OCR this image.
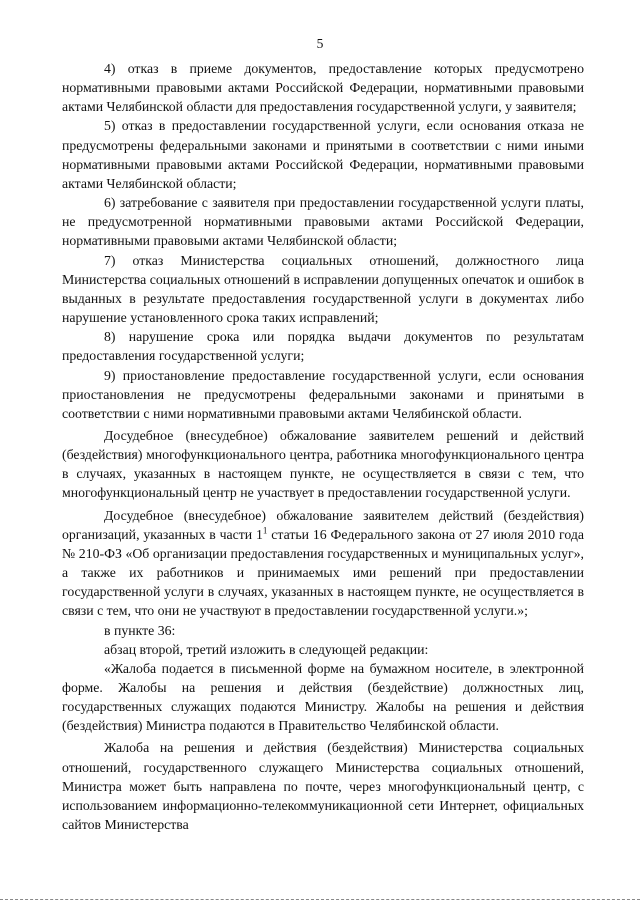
5

4) отказ в приеме документов, предоставление которых предусмотрено нормативными правовыми актами Российской Федерации, нормативными правовыми актами Челябинской области для предоставления государственной услуги, у заявителя;

5) отказ в предоставлении государственной услуги, если основания отказа не предусмотрены федеральными законами и принятыми в соответствии с ними иными нормативными правовыми актами Российской Федерации, нормативными правовыми актами Челябинской области;

6) затребование с заявителя при предоставлении государственной услуги платы, не предусмотренной нормативными правовыми актами Российской Федерации, нормативными правовыми актами Челябинской области;

7) отказ Министерства социальных отношений, должностного лица Министерства социальных отношений в исправлении допущенных опечаток и ошибок в выданных в результате предоставления государственной услуги в документах либо нарушение установленного срока таких исправлений;

8) нарушение срока или порядка выдачи документов по результатам предоставления государственной услуги;

9) приостановление предоставление государственной услуги, если основания приостановления не предусмотрены федеральными законами и принятыми в соответствии с ними нормативными правовыми актами Челябинской области.

Досудебное (внесудебное) обжалование заявителем решений и действий (бездействия) многофункционального центра, работника многофункционального центра в случаях, указанных в настоящем пункте, не осуществляется в связи с тем, что многофункциональный центр не участвует в предоставлении государственной услуги.

Досудебное (внесудебное) обжалование заявителем действий (бездействия) организаций, указанных в части 1$^1$ статьи 16 Федерального закона от 27 июля 2010 года № 210-ФЗ «Об организации предоставления государственных и муниципальных услуг», а также их работников и принимаемых ими решений при предоставлении государственной услуги в случаях, указанных в настоящем пункте, не осуществляется в связи с тем, что они не участвуют в предоставлении государственной услуги.»;

в пункте 36:

абзац второй, третий изложить в следующей редакции:

«Жалоба подается в письменной форме на бумажном носителе, в электронной форме. Жалобы на решения и действия (бездействие) должностных лиц, государственных служащих подаются Министру. Жалобы на решения и действия (бездействия) Министра подаются в Правительство Челябинской области.

Жалоба на решения и действия (бездействия) Министерства социальных отношений, государственного служащего Министерства социальных отношений, Министра может быть направлена по почте, через многофункциональный центр, с использованием информационно-телекоммуникационной сети Интернет, официальных сайтов Министерства
